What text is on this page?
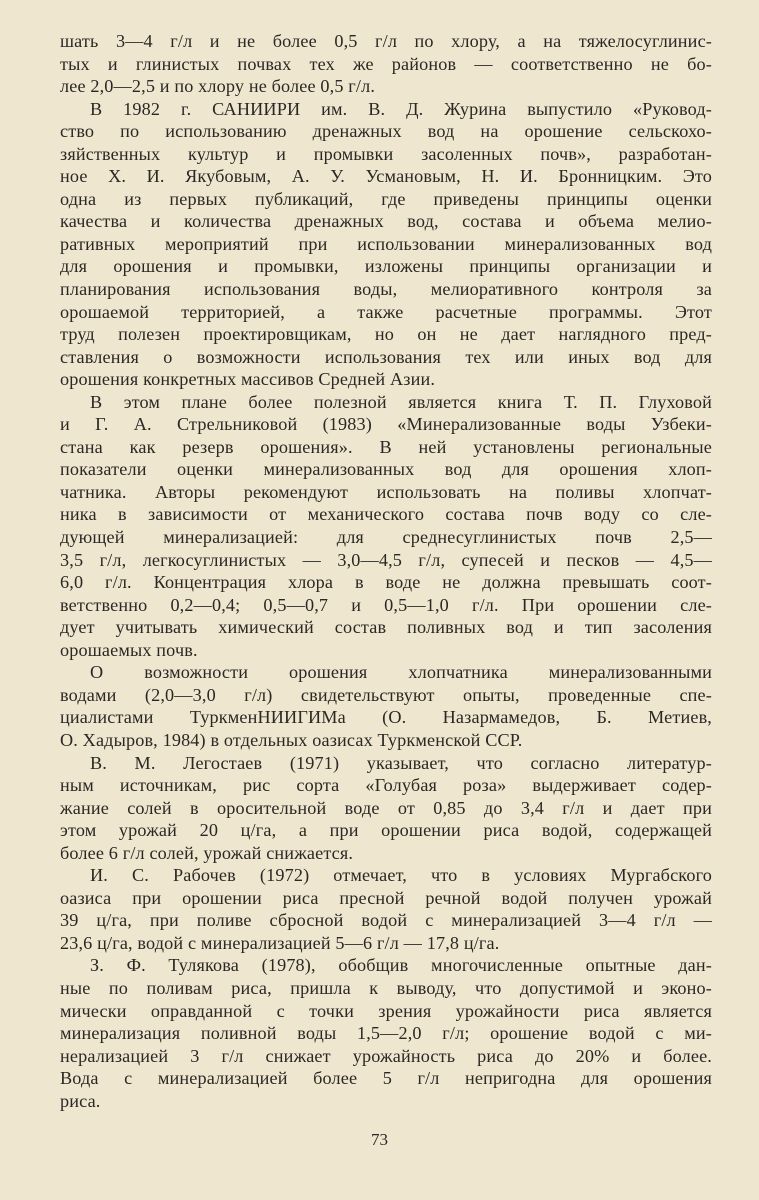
шать 3—4 г/л и не более 0,5 г/л по хлору, а на тяжелосуглинис-
тых и глинистых почвах тех же районов — соответственно не бо-
лее 2,0—2,5 и по хлору не более 0,5 г/л.
В 1982 г. САНИИРИ им. В. Д. Журина выпустило «Руковод-
ство по использованию дренажных вод на орошение сельскохо-
зяйственных культур и промывки засоленных почв», разработан-
ное Х. И. Якубовым, А. У. Усмановым, Н. И. Бронницким. Это
одна из первых публикаций, где приведены принципы оценки
качества и количества дренажных вод, состава и объема мелио-
ративных мероприятий при использовании минерализованных вод
для орошения и промывки, изложены принципы организации и
планирования использования воды, мелиоративного контроля за
орошаемой территорией, а также расчетные программы. Этот
труд полезен проектировщикам, но он не дает наглядного пред-
ставления о возможности использования тех или иных вод для
орошения конкретных массивов Средней Азии.
В этом плане более полезной является книга Т. П. Глуховой
и Г. А. Стрельниковой (1983) «Минерализованные воды Узбеки-
стана как резерв орошения». В ней установлены региональные
показатели оценки минерализованных вод для орошения хлоп-
чатника. Авторы рекомендуют использовать на поливы хлопчат-
ника в зависимости от механического состава почв воду со сле-
дующей минерализацией: для среднесуглинистых почв 2,5—
3,5 г/л, легкосуглинистых — 3,0—4,5 г/л, супесей и песков — 4,5—
6,0 г/л. Концентрация хлора в воде не должна превышать соот-
ветственно 0,2—0,4; 0,5—0,7 и 0,5—1,0 г/л. При орошении сле-
дует учитывать химический состав поливных вод и тип засоления
орошаемых почв.
О возможности орошения хлопчатника минерализованными
водами (2,0—3,0 г/л) свидетельствуют опыты, проведенные спе-
циалистами ТуркменНИИГИМа (О. Назармамедов, Б. Метиев,
О. Хадыров, 1984) в отдельных оазисах Туркменской ССР.
В. М. Легостаев (1971) указывает, что согласно литератур-
ным источникам, рис сорта «Голубая роза» выдерживает содер-
жание солей в оросительной воде от 0,85 до 3,4 г/л и дает при
этом урожай 20 ц/га, а при орошении риса водой, содержащей
более 6 г/л солей, урожай снижается.
И. С. Рабочев (1972) отмечает, что в условиях Мургабского
оазиса при орошении риса пресной речной водой получен урожай
39 ц/га, при поливе сбросной водой с минерализацией 3—4 г/л —
23,6 ц/га, водой с минерализацией 5—6 г/л — 17,8 ц/га.
З. Ф. Тулякова (1978), обобщив многочисленные опытные дан-
ные по поливам риса, пришла к выводу, что допустимой и эконо-
мически оправданной с точки зрения урожайности риса является
минерализация поливной воды 1,5—2,0 г/л; орошение водой с ми-
нерализацией 3 г/л снижает урожайность риса до 20% и более.
Вода с минерализацией более 5 г/л непригодна для орошения
риса.
73
